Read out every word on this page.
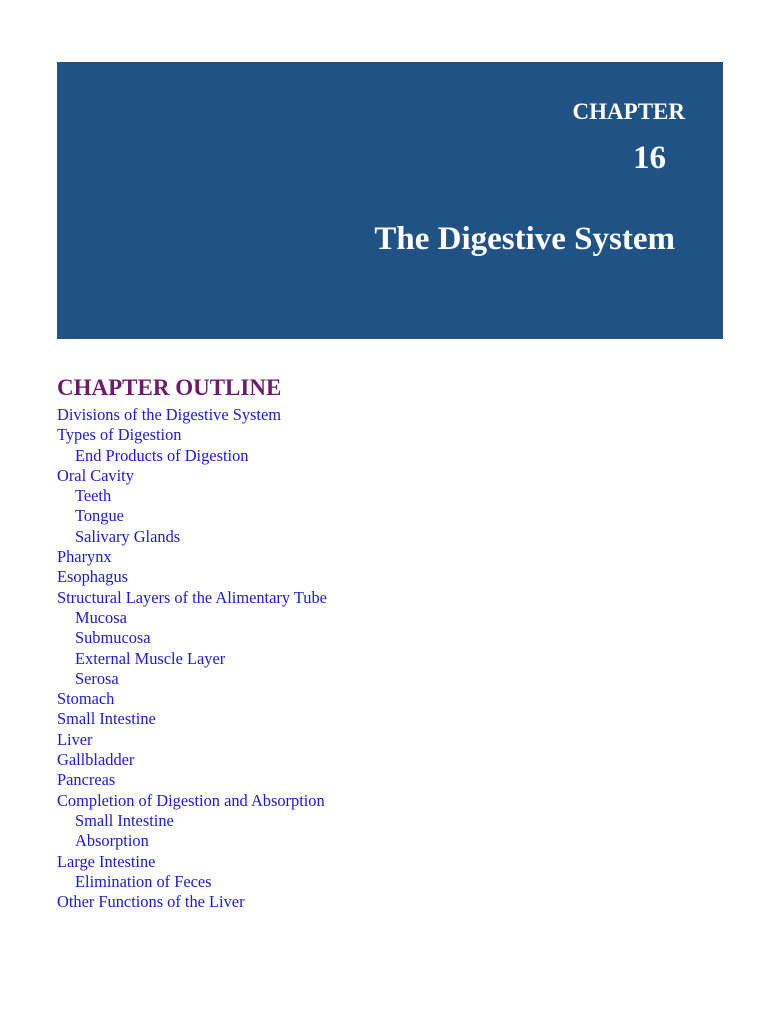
CHAPTER

16

The Digestive System
CHAPTER OUTLINE
Divisions of the Digestive System
Types of Digestion
End Products of Digestion
Oral Cavity
Teeth
Tongue
Salivary Glands
Pharynx
Esophagus
Structural Layers of the Alimentary Tube
Mucosa
Submucosa
External Muscle Layer
Serosa
Stomach
Small Intestine
Liver
Gallbladder
Pancreas
Completion of Digestion and Absorption
Small Intestine
Absorption
Large Intestine
Elimination of Feces
Other Functions of the Liver
